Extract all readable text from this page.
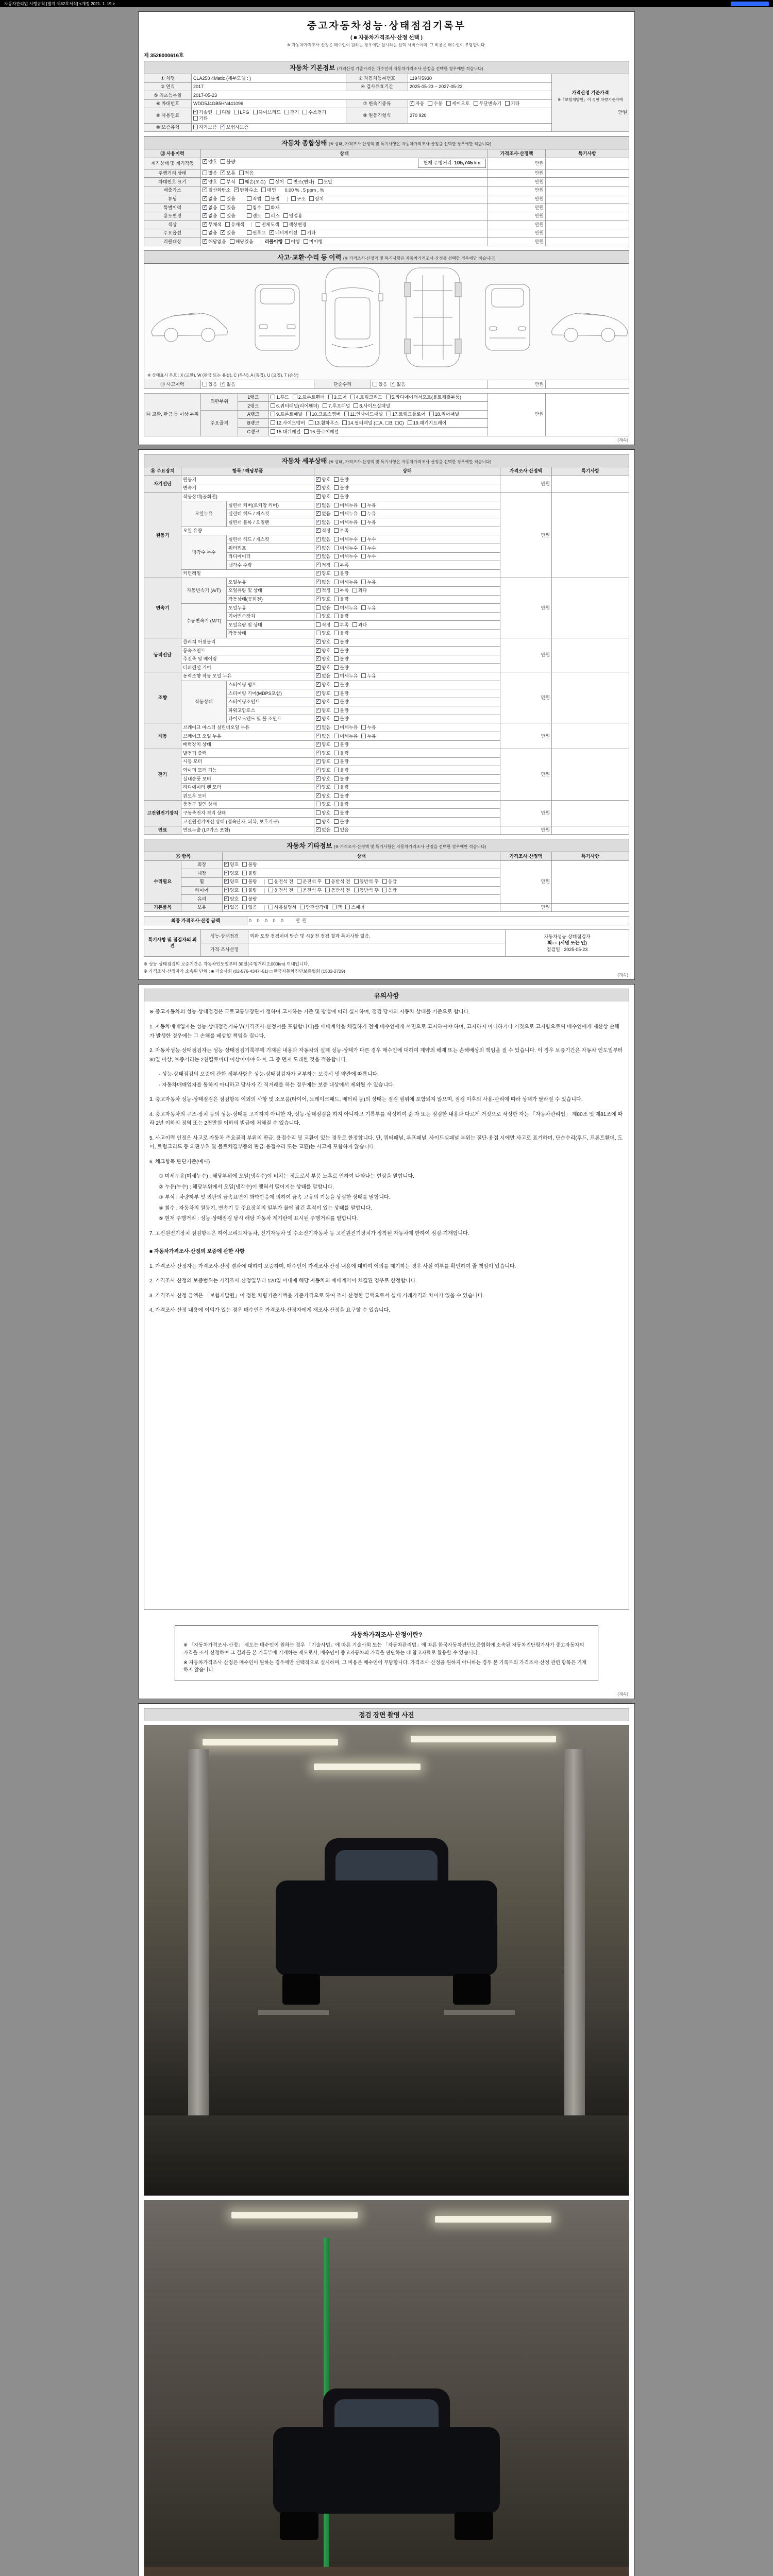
자동차관리법 시행규칙 [별지 제82호서식] <개정 2021. 1. 19.>
중고자동차성능·상태점검기록부
( ■ 자동차가격조사·산정 선택 )
※ 자동차가격조사·산정은 매수인이 원하는 경우에만 실시하는 선택 서비스이며, 그 비용은 매수인이 부담합니다.
제 3526000616호
자동차 기본정보 (가격산정 기준가격은 매수인이 자동차가격조사·산정을 선택한 경우에만 적습니다)
① 차명	CLA250 4Matic (세부모델 : )	② 자동차등록번호	119허5930	가격산정 기준가격
※「보험개발원」이 정한 차량기준가액

만원

③ 연식	2017	④ 검사유효기간	2025-05-23 ~ 2027-05-22	
⑤ 최초등록일	2017-05-23			
⑥ 차대번호	WDD5J4GB5HN441096	⑦ 변속기종류	✓자동 수동 세미오토 무단변속기 기타
⑧ 사용연료	✓가솔린 디젤 LPG 하이브리드 전기 수소전기기타	⑨ 원동기형식	270 920	
⑩ 보증유형	자가보증 ✓ 보험사보증
자동차 종합상태 (※ 상태, 가격조사·산정액 및 특기사항은 자동차가격조사·산정을 선택한 경우에만 적습니다)
⑫ 사용이력	상태	가격조사·산정액	특기사항
계기상태 및 계기작동	현재 주행거리  105,745 km
✓양호 불량	만원	
주행거리 상태	많음 ✓ 보통 적음	만원	
차대번호 표기	✓양호 부식 훼손(오손) 상이 변조(변타) 도말	만원	
배출가스	✓일산화탄소 ✓ 탄화수소 매연 0.00 % , 5 ppm , %	만원	
튜닝	✓없음 있음 적법 불법 구조 장치	만원	
특별이력	✓없음 있음 침수 화재	만원	
용도변경	✓없음 있음 렌트 리스 영업용	만원	
색상	✓무채색 유채색 전체도색 색상변경	만원	
주요옵션	없음 ✓ 있음 썬루프 ✓ 네비게이션 기타	만원	
리콜대상	✓해당없음 해당있음 리콜이행 이행 미이행	만원	
사고·교환·수리 등 이력 (※ 가격조사·산정액 및 특기사항은 자동차가격조사·산정을 선택한 경우에만 적습니다)
※ 상태표시 부호 : X (교환), W (판금 또는 용접), C (부식), A (흠집), U (요철), T (손상)
⑬ 사고이력	있음 ✓ 없음	단순수리	있음 ✓ 없음	만원	
⑭ 교환, 판금 등 이상 부위	외판부위	1랭크	1.후드 2.프론트휀더 3.도어 4.트렁크리드 5.라디에이터서포트(볼트체결부품)	만원	
		2랭크	6.쿼터패널(리어휀더) 7.루프패널 8.사이드실패널		
	주요골격	A랭크	9.프론트패널 10.크로스멤버 11.인사이드패널 17.트렁크플로어 18.리어패널		
		B랭크	12.사이드멤버 13.휠하우스 14.필러패널 (☐A, ☐B, ☐C) 19.패키지트레이		
		C랭크	15.대쉬패널 16.플로어패널		
(계속)
자동차 세부상태 (※ 상태, 가격조사·산정액 및 특기사항은 자동차가격조사·산정을 선택한 경우에만 적습니다)
⑭ 주요장치	항목 / 해당부품		상태	가격조사·산정액	특기사항
자기진단	원동기	✓양호 불량	만원	
	변속기	✓양호 불량
원동기	작동상태(공회전)	✓양호 불량	만원	
	오일누유	실린더 커버(로커암 커버)	✓없음 미세누유 누유
		실린더 헤드 / 개스킷	✓없음 미세누유 누유
		실린더 블록 / 오일팬	✓없음 미세누유 누유
	오일 유량	✓적정 부족
	냉각수 누수	실린더 헤드 / 개스킷	✓없음 미세누수 누수
		워터펌프	✓없음 미세누수 누수
		라디에이터	✓없음 미세누수 누수
		냉각수 수량	✓적정 부족
	커먼레일	✓양호 불량
변속기	자동변속기 (A/T)	오일누유	✓없음 미세누유 누유	만원	
		오일유량 및 상태	✓적정 부족 과다
		작동상태(공회전)	✓양호 불량
	수동변속기 (M/T)	오일누유	없음 미세누유 누유		
		기어변속장치	양호 불량		
		오일유량 및 상태	적정 부족 과다		
		작동상태	양호 불량		
동력전달	클러치 어셈블리	✓양호 불량	만원	
	등속조인트	✓양호 불량
	추진축 및 베어링	✓양호 불량
	디퍼렌셜 기어	✓양호 불량
조향	동력조향 작동 오일 누유	✓없음 미세누유 누유	만원	
	작동상태	스티어링 펌프	✓양호 불량
		스티어링 기어(MDPS포함)	✓양호 불량
		스티어링조인트	✓양호 불량
		파워고압호스	✓양호 불량
		타이로드엔드 및 볼 조인트	✓양호 불량
제동	브레이크 마스터 실린더오일 누유	✓없음 미세누유 누유	만원	
	브레이크 오일 누유	✓없음 미세누유 누유
	배력장치 상태	✓양호 불량
전기	발전기 출력	✓양호 불량	만원	
	시동 모터	✓양호 불량
	와이퍼 모터 기능	✓양호 불량
	실내송풍 모터	✓양호 불량
	라디에이터 팬 모터	✓양호 불량
	윈도우 모터	✓양호 불량
고전원전기장치	충전구 절연 상태		양호 불량	만원	
	구동축전지 격리 상태		양호 불량		
	고전원전기배선 상태 (접속단자, 피복, 보호기구)		양호 불량		
연료	연료누출 (LP가스 포함)	✓없음 있음	만원	
자동차 기타정보 (※ 가격조사·산정액 및 특기사항은 자동차가격조사·산정을 선택한 경우에만 적습니다)
⑮ 항목		상태	가격조사·산정액	특기사항
수리필요	외장	✓양호 불량	만원	
	내장	✓양호 불량
	휠	✓양호 불량 운전석 전 운전석 후 동반석 전 동반석 후 응급
	타이어	✓양호 불량 운전석 전 운전석 후 동반석 전 동반석 후 응급
	유리	✓양호 불량
기본품목	보유	✓있음 없음 사용설명서 안전삼각대 잭 스패너	만원	
최종 가격조사·산정 금액	0 0 0 0 0   만원
특기사항 및 점검자의 의견	성능·상태점검	외판 도장 점검이며 탑승 및 시운전 점검 결과 특이사항 없음.	자동차성능·상태점검자
최○○ (서명 또는 인)
점검일 : 2025-05-23
	가격·조사산정		
※ 성능·상태점검의 보증기간은 자동차인도일부터 30일(주행거리 2,000km) 이내입니다.
※ 가격조사·산정자가 소속된 단체 : ■ 기술사회 (02-576-4347~51) □ 한국자동차진단보증협회 (1533-2729)
(계속)
유의사항
※ 중고자동차의 성능·상태점검은 국토교통부장관이 정하여 고시하는 기준 및 방법에 따라 실시하며, 점검 당시의 자동차 상태를 기준으로 합니다.
1. 자동차매매업자는 성능·상태점검기록부(가격조사·산정서를 포함합니다)를 매매계약을 체결하기 전에 매수인에게 서면으로 고지하여야 하며, 고지하지 아니하거나 거짓으로 고지함으로써 매수인에게 재산상 손해가 발생한 경우에는 그 손해를 배상할 책임을 집니다.
2. 자동차성능·상태점검자는 성능·상태점검기록부에 기재된 내용과 자동차의 실제 성능·상태가 다른 경우 매수인에 대하여 계약의 해제 또는 손해배상의 책임을 질 수 있습니다. 이 경우 보증기간은 자동차 인도일부터 30일 이상, 보증거리는 2천킬로미터 이상이어야 하며, 그 중 먼저 도래한 것을 적용합니다.
- 성능·상태점검의 보증에 관한 세부사항은 성능·상태점검자가 교부하는 보증서 및 약관에 따릅니다.
- 자동차매매업자를 통하지 아니하고 당사자 간 직거래를 하는 경우에는 보증 대상에서 제외될 수 있습니다.
3. 중고자동차 성능·상태점검은 점검항목 이외의 사항 및 소모품(타이어, 브레이크패드, 배터리 등)의 상태는 점검 범위에 포함되지 않으며, 점검 이후의 사용·관리에 따라 상태가 달라질 수 있습니다.
4. 중고자동차의 구조·장치 등의 성능·상태를 고지하지 아니한 자, 성능·상태점검을 하지 아니하고 기록부를 작성하여 준 자 또는 점검한 내용과 다르게 거짓으로 작성한 자는 「자동차관리법」 제80조 및 제81조에 따라 2년 이하의 징역 또는 2천만원 이하의 벌금에 처해질 수 있습니다.
5. 사고이력 인정은 사고로 자동차 주요골격 부위의 판금, 용접수리 및 교환이 있는 경우로 한정합니다. 단, 쿼터패널, 루프패널, 사이드실패널 부위는 절단·용접 시에만 사고로 표기하며, 단순수리(후드, 프론트휀더, 도어, 트렁크리드 등 외판부위 및 볼트체결부품의 판금·용접수리 또는 교환)는 사고에 포함하지 않습니다.
6. 체크항목 판단기준(예시)
① 미세누유(미세누수) : 해당부위에 오일(냉각수)이 비치는 정도로서 부품 노후로 인하여 나타나는 현상을 말합니다.
② 누유(누수) : 해당부위에서 오일(냉각수)이 맺혀서 떨어지는 상태를 말합니다.
③ 부식 : 차량하부 및 외판의 금속표면이 화학반응에 의하여 금속 고유의 기능을 상실한 상태를 말합니다.
④ 침수 : 자동차의 원동기, 변속기 등 주요장치의 일부가 물에 잠긴 흔적이 있는 상태를 말합니다.
⑤ 현재 주행거리 : 성능·상태점검 당시 해당 자동차 계기판에 표시된 주행거리를 말합니다.
7. 고전원전기장치 점검항목은 하이브리드자동차, 전기자동차 및 수소전기자동차 등 고전원전기장치가 장착된 자동차에 한하여 점검·기재합니다.
■ 자동차가격조사·산정의 보증에 관한 사항
1. 가격조사·산정자는 가격조사·산정 결과에 대하여 보증하며, 매수인이 가격조사·산정 내용에 대하여 이의를 제기하는 경우 사실 여부를 확인하여 줄 책임이 있습니다.
2. 가격조사·산정의 보증범위는 가격조사·산정일부터 120일 이내에 해당 자동차의 매매계약이 체결된 경우로 한정합니다.
3. 가격조사·산정 금액은 「보험개발원」이 정한 차량기준가액을 기준가격으로 하여 조사·산정한 금액으로서 실제 거래가격과 차이가 있을 수 있습니다.
4. 가격조사·산정 내용에 이의가 있는 경우 매수인은 가격조사·산정자에게 재조사·산정을 요구할 수 있습니다.
자동차가격조사·산정이란?
※ 「자동차가격조사·산정」 제도는 매수인이 원하는 경우 「기술사법」에 따른 기술사회 또는 「자동차관리법」에 따른 한국자동차진단보증협회에 소속된 자동차진단평가사가 중고자동차의 가격을 조사·산정하여 그 결과를 본 기록부에 기재하는 제도로서, 매수인이 중고자동차의 가격을 판단하는 데 참고자료로 활용할 수 있습니다.
※ 자동차가격조사·산정은 매수인이 원하는 경우에만 선택적으로 실시하며, 그 비용은 매수인이 부담합니다. 가격조사·산정을 원하지 아니하는 경우 본 기록부의 가격조사·산정 관련 항목은 기재하지 않습니다.
(계속)
점검 장면 촬영 사진
